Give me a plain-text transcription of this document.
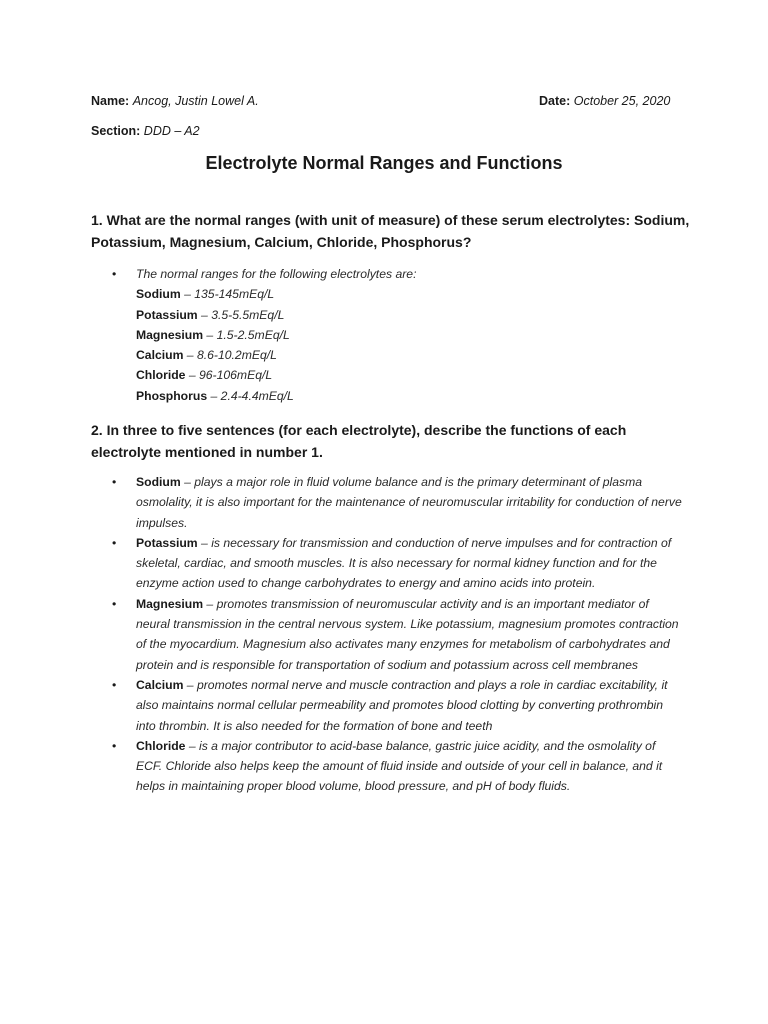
Name: Ancog, Justin Lowel A.	Date: October 25, 2020
Section: DDD – A2
Electrolyte Normal Ranges and Functions

1. What are the normal ranges (with unit of measure) of these serum electrolytes: Sodium, Potassium, Magnesium, Calcium, Chloride, Phosphorus?

• The normal ranges for the following electrolytes are:
Sodium – 135-145mEq/L
Potassium – 3.5-5.5mEq/L
Magnesium – 1.5-2.5mEq/L
Calcium – 8.6-10.2mEq/L
Chloride – 96-106mEq/L
Phosphorus – 2.4-4.4mEq/L

2. In three to five sentences (for each electrolyte), describe the functions of each electrolyte mentioned in number 1.

• Sodium – plays a major role in fluid volume balance and is the primary determinant of plasma osmolality, it is also important for the maintenance of neuromuscular irritability for conduction of nerve impulses.
• Potassium – is necessary for transmission and conduction of nerve impulses and for contraction of skeletal, cardiac, and smooth muscles. It is also necessary for normal kidney function and for the enzyme action used to change carbohydrates to energy and amino acids into protein.
• Magnesium – promotes transmission of neuromuscular activity and is an important mediator of neural transmission in the central nervous system. Like potassium, magnesium promotes contraction of the myocardium. Magnesium also activates many enzymes for metabolism of carbohydrates and protein and is responsible for transportation of sodium and potassium across cell membranes
• Calcium – promotes normal nerve and muscle contraction and plays a role in cardiac excitability, it also maintains normal cellular permeability and promotes blood clotting by converting prothrombin into thrombin. It is also needed for the formation of bone and teeth
• Chloride – is a major contributor to acid-base balance, gastric juice acidity, and the osmolality of ECF. Chloride also helps keep the amount of fluid inside and outside of your cell in balance, and it helps in maintaining proper blood volume, blood pressure, and pH of body fluids.
